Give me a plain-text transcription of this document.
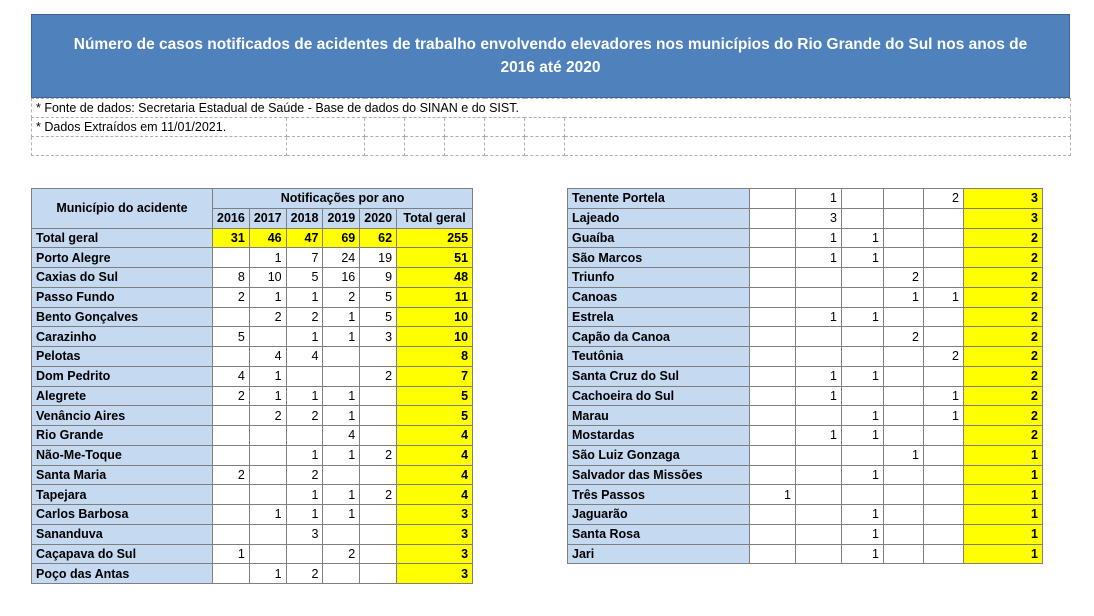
Número de casos notificados de acidentes de trabalho envolvendo elevadores nos municípios do Rio Grande do Sul nos anos de 2016 até 2020
* Fonte de dados: Secretaria Estadual de Saúde - Base de dados do SINAN e do SIST.							
* Dados Extraídos em 11/01/2021.							

Município do acidente	Notificações por ano					
	2016	2017	2018	2019	2020	Total geral
Total geral	31	46	47	69	62	255
Porto Alegre		1	7	24	19	51
Caxias do Sul	8	10	5	16	9	48
Passo Fundo	2	1	1	2	5	11
Bento Gonçalves		2	2	1	5	10
Carazinho	5		1	1	3	10
Pelotas		4	4			8
Dom Pedrito	4	1			2	7
Alegrete	2	1	1	1		5
Venâncio Aires		2	2	1		5
Rio Grande				4		4
Não-Me-Toque			1	1	2	4
Santa Maria	2		2			4
Tapejara			1	1	2	4
Carlos Barbosa		1	1	1		3
Sananduva			3			3
Caçapava do Sul	1			2		3
Poço das Antas		1	2			3
Tenente Portela		1			2	3
Lajeado		3				3
Guaíba		1	1			2
São Marcos		1	1			2
Triunfo				2		2
Canoas				1	1	2
Estrela		1	1			2
Capão da Canoa				2		2
Teutônia					2	2
Santa Cruz do Sul		1	1			2
Cachoeira do Sul		1			1	2
Marau			1		1	2
Mostardas		1	1			2
São Luiz Gonzaga				1		1
Salvador das Missões			1			1
Três Passos	1					1
Jaguarão			1			1
Santa Rosa			1			1
Jari			1			1
